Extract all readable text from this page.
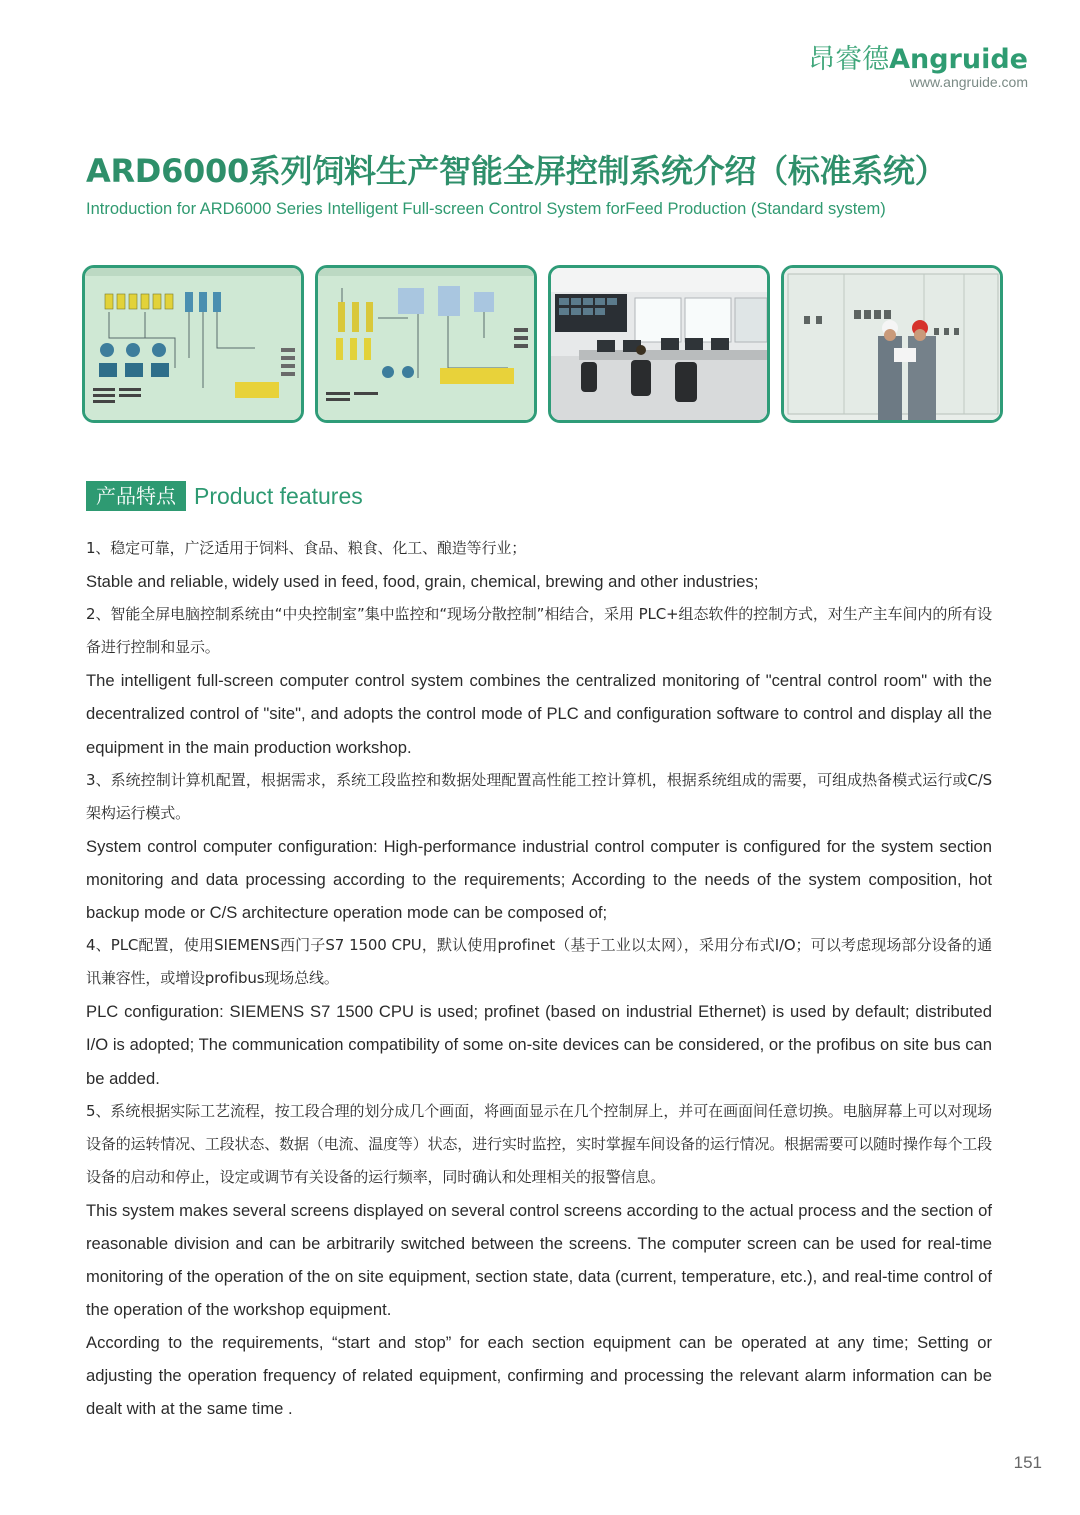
昂睿德Angruide
www.angruide.com
ARD6000系列饲料生产智能全屏控制系统介绍（标准系统）
Introduction for ARD6000 Series Intelligent Full-screen Control System forFeed Production (Standard system)
产品特点 Product features

1、稳定可靠，广泛适用于饲料、食品、粮食、化工、酿造等行业；

Stable and reliable, widely used in feed, food, grain, chemical, brewing and other industries;

2、智能全屏电脑控制系统由“中央控制室”集中监控和“现场分散控制”相结合，采用 PLC+组态软件的控制方式，对生产主车间内的所有设备进行控制和显示。

The intelligent full-screen computer control system combines the centralized monitoring of "central control room" with the decentralized control of "site", and adopts the control mode of PLC and configuration software to control and display all the equipment in the main production workshop.

3、系统控制计算机配置，根据需求，系统工段监控和数据处理配置高性能工控计算机，根据系统组成的需要，可组成热备模式运行或C/S 架构运行模式。

System control computer configuration: High-performance industrial control computer is configured for the system section monitoring and data processing according to the requirements; According to the needs of the system composition, hot backup mode or C/S architecture operation mode can be composed of;

4、PLC配置，使用SIEMENS西门子S7 1500 CPU，默认使用profinet（基于工业以太网），采用分布式I/O；可以考虑现场部分设备的通讯兼容性，或增设profibus现场总线。

PLC configuration: SIEMENS S7 1500 CPU is used; profinet (based on industrial Ethernet) is used by default; distributed I/O is adopted; The communication compatibility of some on-site devices can be considered, or the profibus on site bus can be added.

5、系统根据实际工艺流程，按工段合理的划分成几个画面，将画面显示在几个控制屏上，并可在画面间任意切换。电脑屏幕上可以对现场设备的运转情况、工段状态、数据（电流、温度等）状态，进行实时监控，实时掌握车间设备的运行情况。根据需要可以随时操作每个工段设备的启动和停止，设定或调节有关设备的运行频率，同时确认和处理相关的报警信息。

This system makes several screens displayed on several control screens according to the actual process and the section of reasonable division and can be arbitrarily switched between the screens. The computer screen can be used for real-time monitoring of the operation of the on site equipment, section state, data (current, temperature, etc.), and real-time control of the operation of the workshop equipment.

According to the requirements, “start and stop” for each section equipment can be operated at any time; Setting or adjusting the operation frequency of related equipment, confirming and processing the relevant alarm information can be dealt with at the same time .

151
